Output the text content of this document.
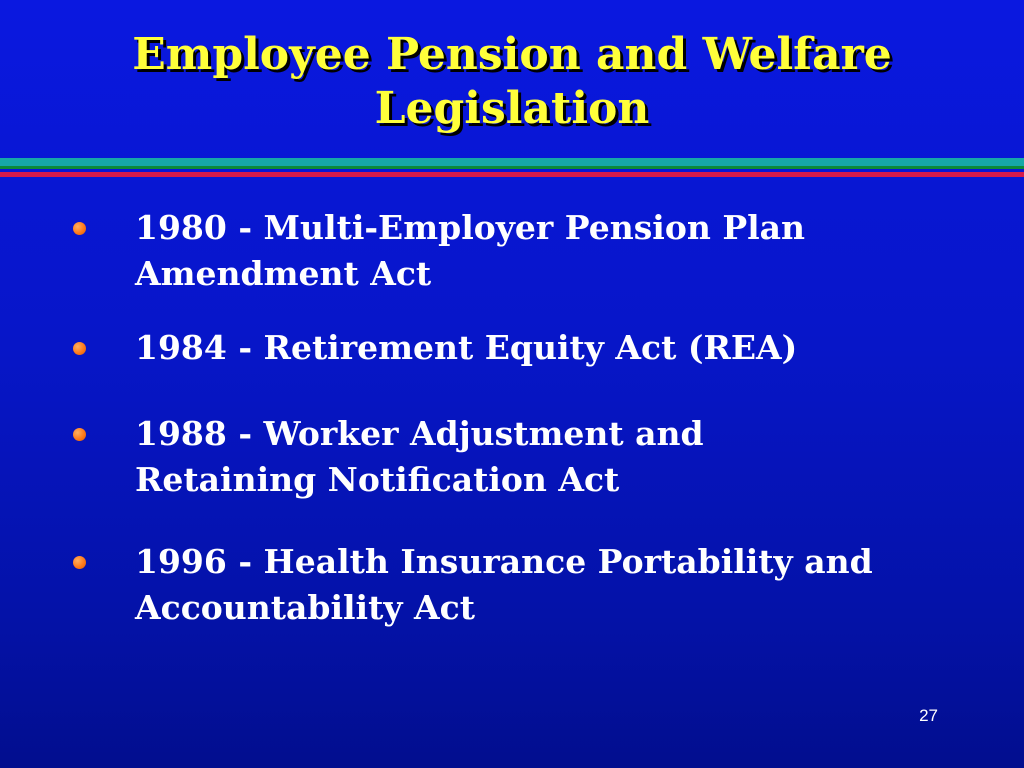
Employee Pension and Welfare
Legislation

1980 - Multi-Employer Pension Plan
Amendment Act

1984 - Retirement Equity Act (REA)

1988 - Worker Adjustment and
Retaining Notification Act

1996 - Health Insurance Portability and
Accountability Act

27
